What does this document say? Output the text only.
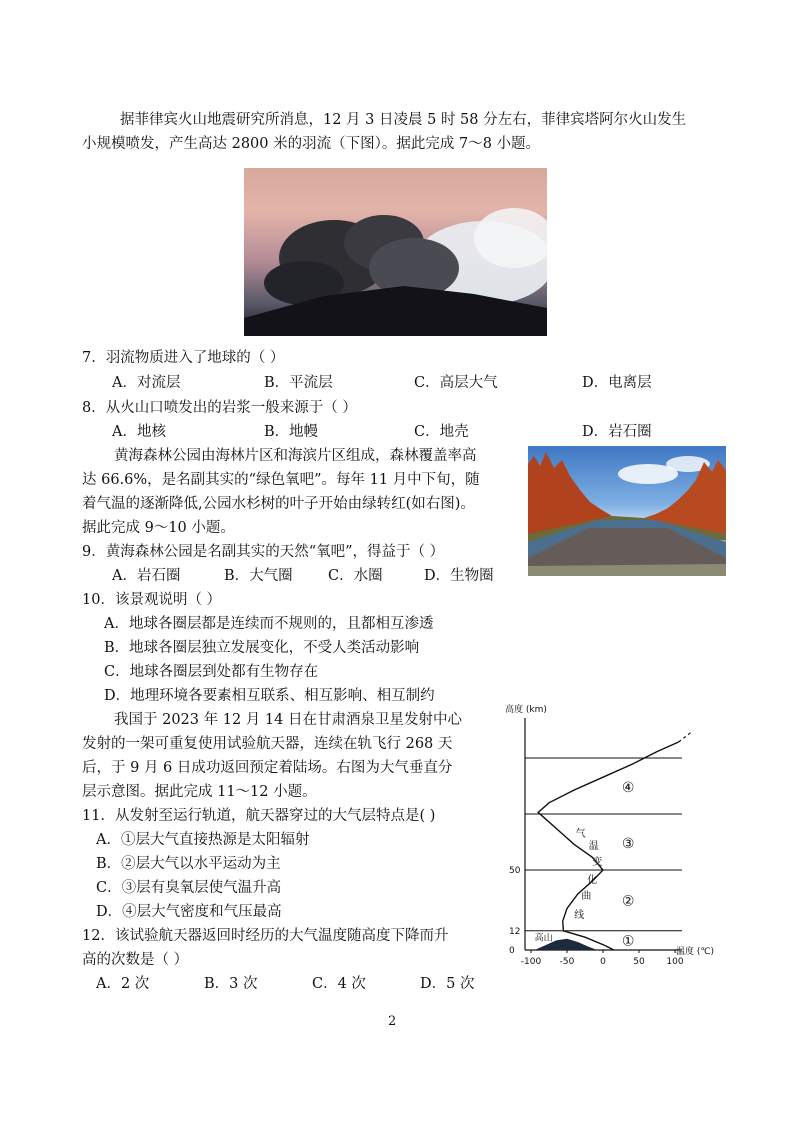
据菲律宾火山地震研究所消息，12 月 3 日凌晨 5 时 58 分左右，菲律宾塔阿尔火山发生
小规模喷发，产生高达 2800 米的羽流（下图）。据此完成 7～8 小题。
7．羽流物质进入了地球的（ ）
A．对流层	B．平流层	C．高层大气	D．电离层
8．从火山口喷发出的岩浆一般来源于（ ）
A．地核	B．地幔	C．地壳	D．岩石圈
黄海森林公园由海林片区和海滨片区组成，森林覆盖率高
达 66.6%，是名副其实的“绿色氧吧”。每年 11 月中下旬，随
着气温的逐渐降低,公园水杉树的叶子开始由绿转红(如右图)。
据此完成 9～10 小题。
9．黄海森林公园是名副其实的天然“氧吧”，得益于（ ）
A．岩石圈	B．大气圈 C．水圈	D．生物圈
10．该景观说明（ ）
A．地球各圈层都是连续而不规则的，且都相互渗透
B．地球各圈层独立发展变化，不受人类活动影响
C．地球各圈层到处都有生物存在
D．地理环境各要素相互联系、相互影响、相互制约
我国于 2023 年 12 月 14 日在甘肃酒泉卫星发射中心
发射的一架可重复使用试验航天器，连续在轨飞行 268 天
后，于 9 月 6 日成功返回预定着陆场。右图为大气垂直分
层示意图。据此完成 11～12 小题。
11．从发射至运行轨道，航天器穿过的大气层特点是( )
A．①层大气直接热源是太阳辐射
B．②层大气以水平运动为主
C．③层有臭氧层使气温升高
D．④层大气密度和气压最高
12．该试验航天器返回时经历的大气温度随高度下降而升
高的次数是（ ）
A．2 次	B．3 次	C．4 次	D．5 次
高度 (km)
温度 (℃)
0
12
50
-100 -50	0	50 100
①
②
③
④
气
温
变
化
曲
线
高山
2
